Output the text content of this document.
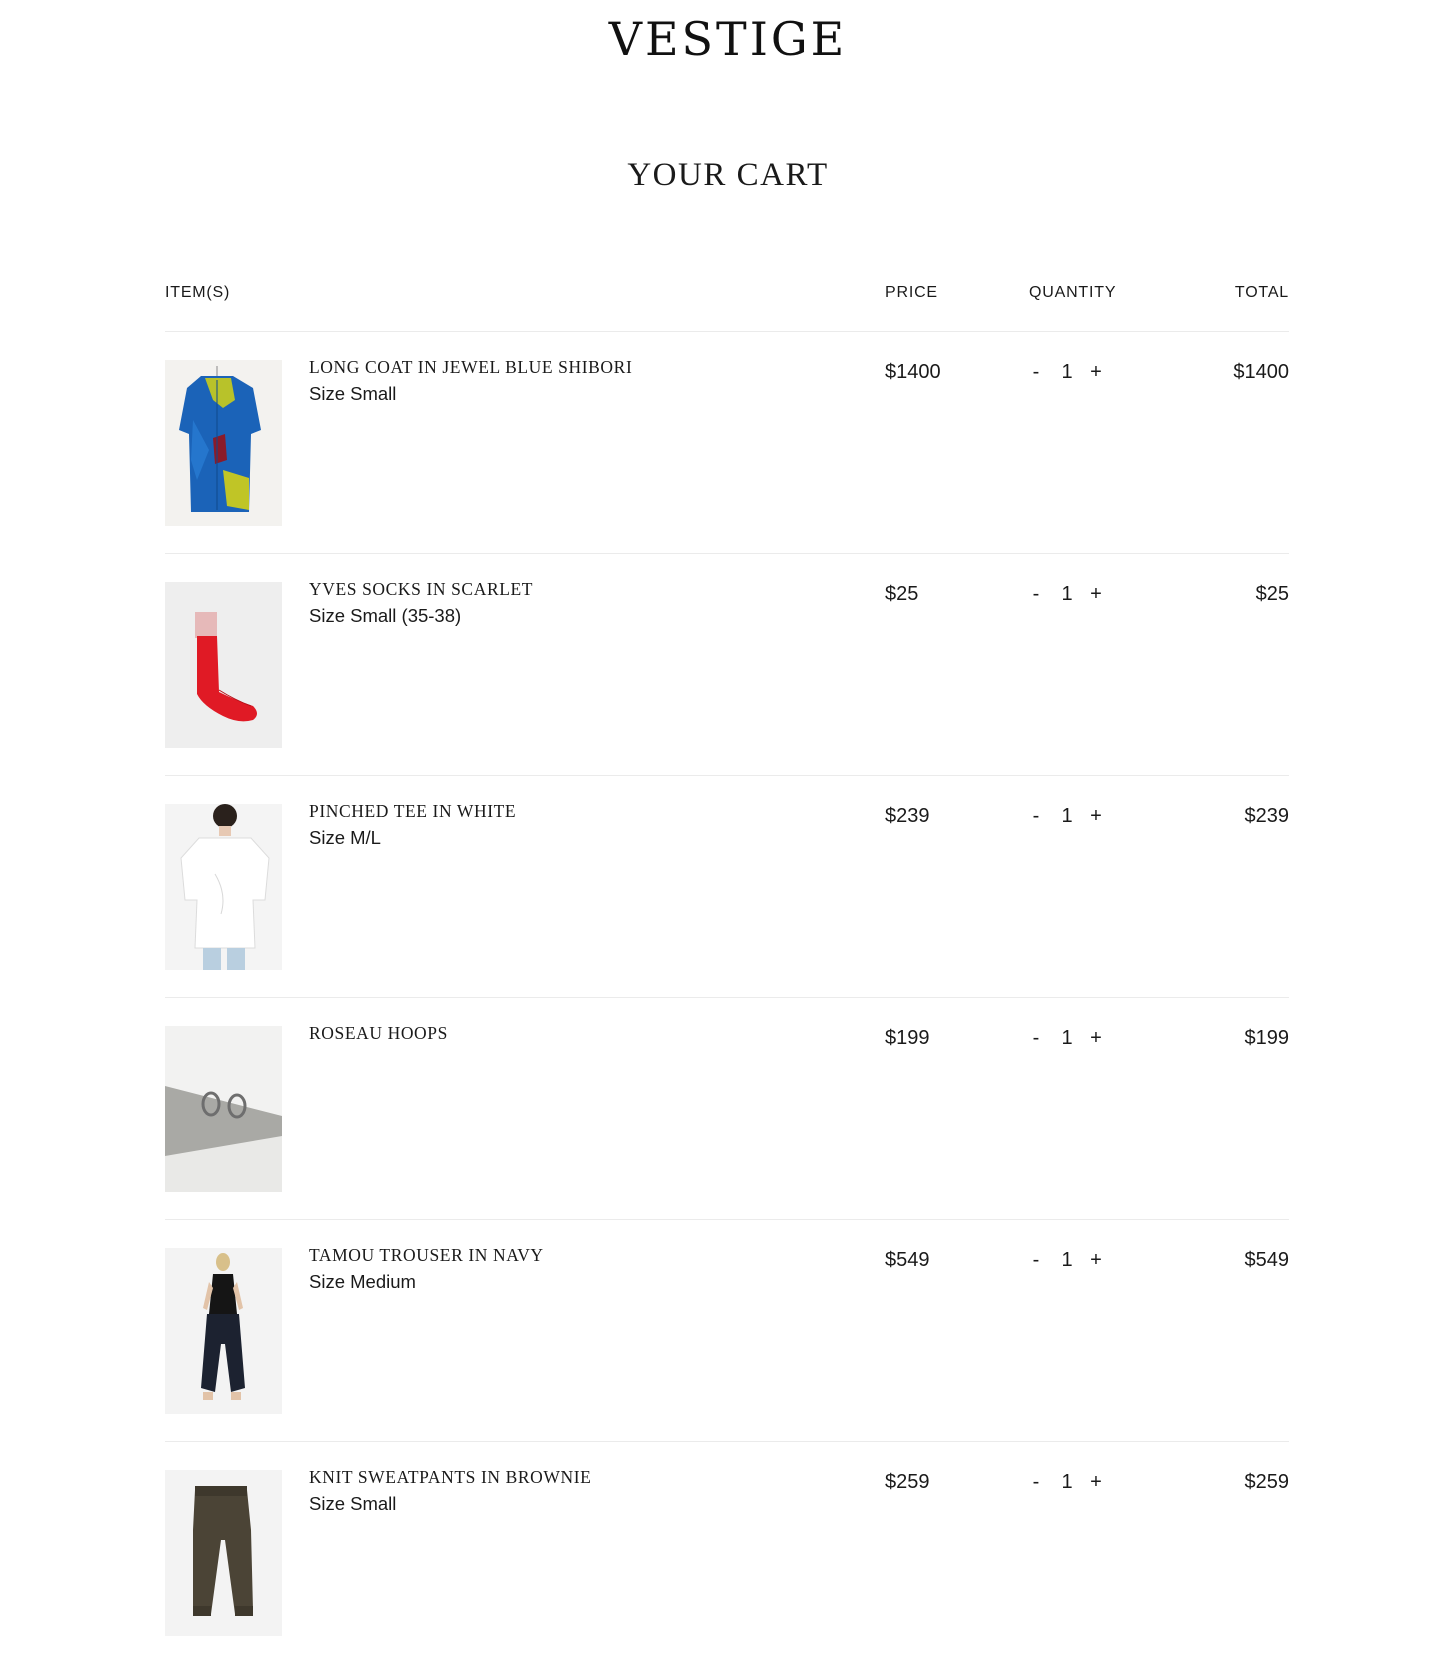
VESTIGE
YOUR CART
ITEM(S)	PRICE	QUANTITY	TOTAL
LONG COAT IN JEWEL BLUE SHIBORI
Size Small
$1400	- 1 +	$1400
YVES SOCKS IN SCARLET
Size Small (35-38)
$25	- 1 +	$25
PINCHED TEE IN WHITE
Size M/L
$239	- 1 +	$239
ROSEAU HOOPS	$199	- 1 +	$199
TAMOU TROUSER IN NAVY
Size Medium
$549	- 1 +	$549
KNIT SWEATPANTS IN BROWNIE
Size Small
$259	- 1 +	$259
